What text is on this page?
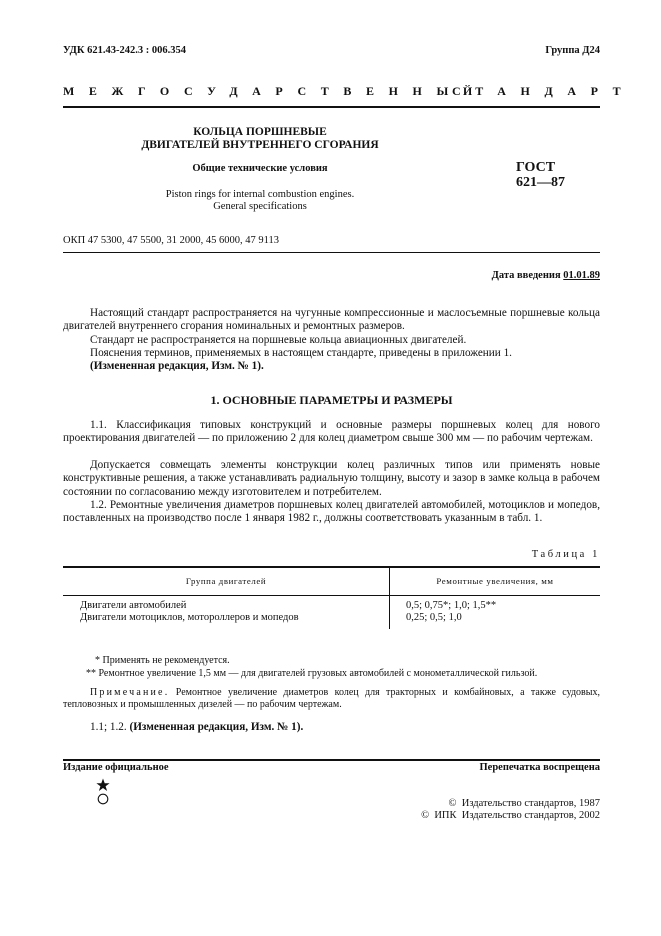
УДК 621.43-242.3 : 006.354	Группа Д24
МЕЖГОСУДАРСТВЕННЫЙ
СТАНДАРТ
КОЛЬЦА ПОРШНЕВЫЕ
ДВИГАТЕЛЕЙ ВНУТРЕННЕГО СГОРАНИЯ
Общие технические условия
Piston rings for internal combustion engines.
General specifications
ГОСТ
621—87
ОКП 47 5300, 47 5500, 31 2000, 45 6000, 47 9113
Дата введения 01.01.89
Настоящий стандарт распространяется на чугунные компрессионные и маслосъемные поршневые кольца двигателей внутреннего сгорания номинальных и ремонтных размеров.
Стандарт не распространяется на поршневые кольца авиационных двигателей.
Пояснения терминов, применяемых в настоящем стандарте, приведены в приложении 1.
(Измененная редакция, Изм. № 1).
1. ОСНОВНЫЕ ПАРАМЕТРЫ И РАЗМЕРЫ
1.1. Классификация типовых конструкций и основные размеры поршневых колец для нового проектирования двигателей — по приложению 2 для колец диаметром свыше 300 мм — по рабочим чертежам.
Допускается совмещать элементы конструкции колец различных типов или применять новые конструктивные решения, а также устанавливать радиальную толщину, высоту и зазор в замке кольца в рабочем состоянии по согласованию между изготовителем и потребителем.
1.2. Ремонтные увеличения диаметров поршневых колец двигателей автомобилей, мотоциклов и мопедов, поставленных на производство после 1 января 1982 г., должны соответствовать указанным в табл. 1.
Таблица 1
Группа двигателей	Ремонтные увеличения, мм
Двигатели автомобилей	0,5; 0,75*; 1,0; 1,5**
Двигатели мотоциклов, мотороллеров и мопедов	0,25; 0,5; 1,0
* Применять не рекомендуется.
** Ремонтное увеличение 1,5 мм — для двигателей грузовых автомобилей с монометаллической гильзой.
Примечание. Ремонтное увеличение диаметров колец для тракторных и комбайновых, а также судовых, тепловозных и промышленных дизелей — по рабочим чертежам.
1.1; 1.2. (Измененная редакция, Изм. № 1).
Издание официальное	Перепечатка воспрещена
©  Издательство стандартов, 1987
©  ИПК  Издательство стандартов, 2002
